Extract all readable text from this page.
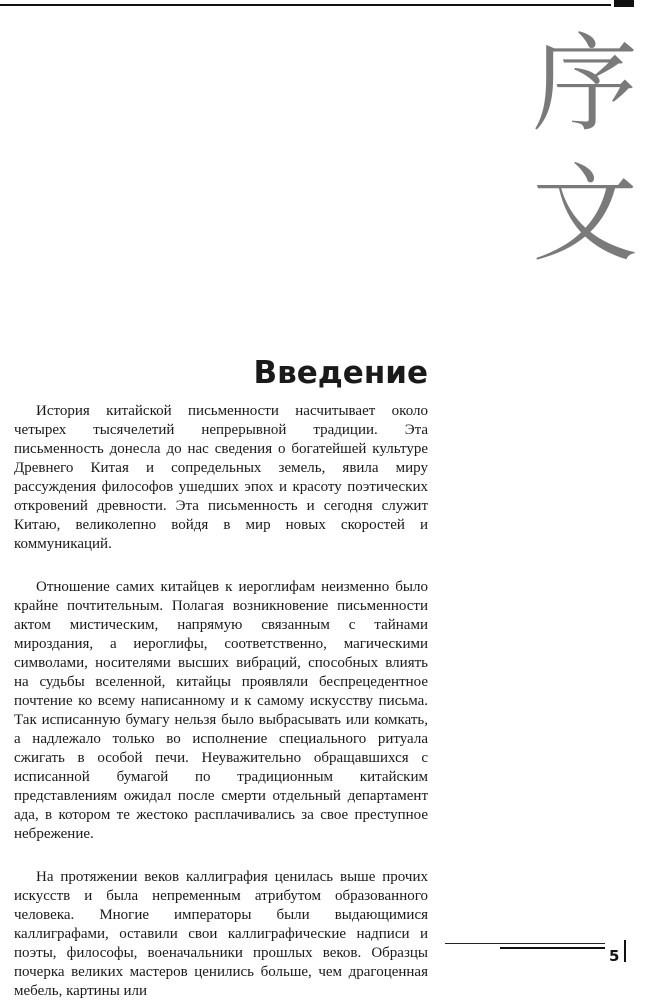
序
文
Введение

История китайской письменности насчитывает около четырех тысячелетий непрерывной традиции. Эта письменность донесла до нас сведения о богатейшей культуре Древнего Китая и сопредельных земель, явила миру рассуждения философов ушедших эпох и красоту поэтических откровений древности. Эта письменность и сегодня служит Китаю, великолепно войдя в мир новых скоростей и коммуникаций.

Отношение самих китайцев к иероглифам неизменно было крайне почтительным. Полагая возникновение письменности актом мистическим, напрямую связанным с тайнами мироздания, а иероглифы, соответственно, магическими символами, носителями высших вибраций, способных влиять на судьбы вселенной, китайцы проявляли беспрецедентное почтение ко всему написанному и к самому искусству письма. Так исписанную бумагу нельзя было выбрасывать или комкать, а надлежало только во исполнение специального ритуала сжигать в особой печи. Неуважительно обращавшихся с исписанной бумагой по традиционным китайским представлениям ожидал после смерти отдельный департамент ада, в котором те жестоко расплачивались за свое преступное небрежение.

На протяжении веков каллиграфия ценилась выше прочих искусств и была непременным атрибутом образованного человека. Многие императоры были выдающимися каллиграфами, оставили свои каллиграфические надписи и поэты, философы, военачальники прошлых веков. Образцы почерка великих мастеров ценились больше, чем драгоценная мебель, картины или

5
